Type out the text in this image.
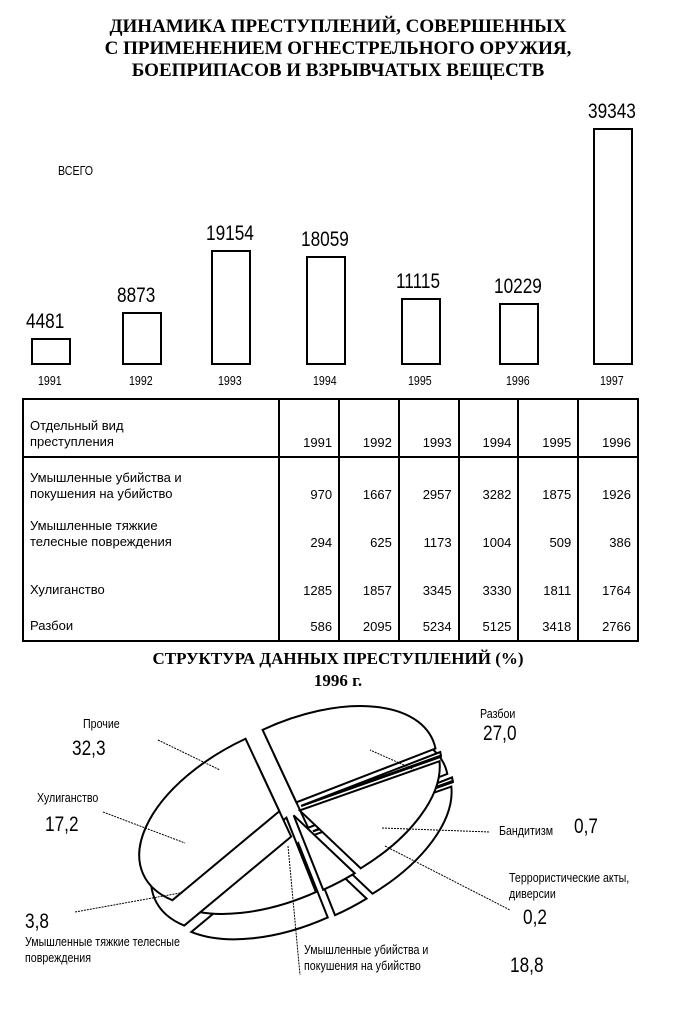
ДИНАМИКА ПРЕСТУПЛЕНИЙ, СОВЕРШЕННЫХ
С ПРИМЕНЕНИЕМ ОГНЕСТРЕЛЬНОГО ОРУЖИЯ,
БОЕПРИПАСОВ И ВЗРЫВЧАТЫХ ВЕЩЕСТВ
ВСЕГО
4481
1991
8873
1992
19154
1993
18059
1994
11115
1995
10229
1996
39343
1997
Отдельный вид преступления	1991	1992	1993	1994	1995	1996
Умышленные убийства и покушения на убийство	970	1667	2957	3282	1875	1926
Умышленные тяжкие телесные повреждения	294	625	1173	1004	509	386
Хулиганство	1285	1857	3345	3330	1811	1764
Разбои	586	2095	5234	5125	3418	2766
СТРУКТУРА ДАННЫХ ПРЕСТУПЛЕНИЙ (%)
1996 г.
Разбои
27,0
Бандитизм 0,7
Террористические акты, диверсии
0,2
Умышленные убийства и покушения на убийство	18,8
Умышленные тяжкие телесные повреждения
3,8
Хулиганство
17,2
Прочие
32,3
